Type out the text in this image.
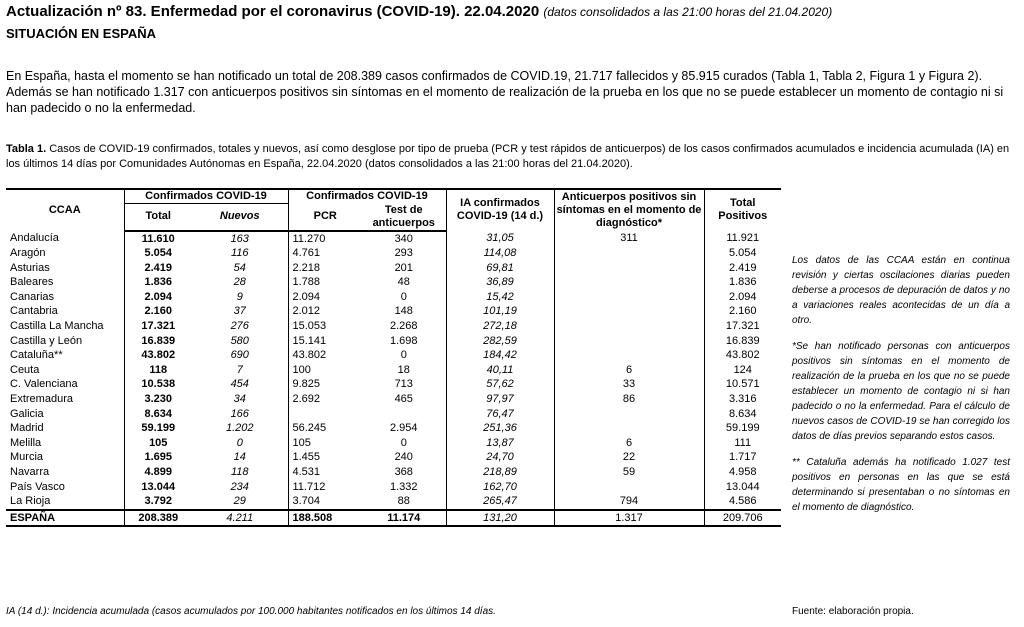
Actualización nº 83. Enfermedad por el coronavirus (COVID-19). 22.04.2020 (datos consolidados a las 21:00 horas del 21.04.2020)
SITUACIÓN EN ESPAÑA
En España, hasta el momento se han notificado un total de 208.389 casos confirmados de COVID.19, 21.717 fallecidos y 85.915 curados (Tabla 1, Tabla 2, Figura 1 y Figura 2). Además se han notificado 1.317 con anticuerpos positivos sin síntomas en el momento de realización de la prueba en los que no se puede establecer un momento de contagio ni si han padecido o no la enfermedad.
Tabla 1. Casos de COVID-19 confirmados, totales y nuevos, así como desglose por tipo de prueba (PCR y test rápidos de anticuerpos) de los casos confirmados acumulados e incidencia acumulada (IA) en los últimos 14 días por Comunidades Autónomas en España, 22.04.2020 (datos consolidados a las 21:00 horas del 21.04.2020).
CCAA	Confirmados COVID-19		Confirmados COVID-19		IA confirmados COVID-19 (14 d.)	Anticuerpos positivos sin síntomas en el momento de diagnóstico*	Total Positivos
	Total	Nuevos	PCR	Test de anticuerpos			
Andalucía	11.610	163	11.270	340	31,05	311	11.921
Aragón	5.054	116	4.761	293	114,08		5.054
Asturias	2.419	54	2.218	201	69,81		2.419
Baleares	1.836	28	1.788	48	36,89		1.836
Canarias	2.094	9	2.094	0	15,42		2.094
Cantabria	2.160	37	2.012	148	101,19		2.160
Castilla La Mancha	17.321	276	15.053	2.268	272,18		17.321
Castilla y León	16.839	580	15.141	1.698	282,59		16.839
Cataluña**	43.802	690	43.802	0	184,42		43.802
Ceuta	118	7	100	18	40,11	6	124
C. Valenciana	10.538	454	9.825	713	57,62	33	10.571
Extremadura	3.230	34	2.692	465	97,97	86	3.316
Galicia	8.634	166			76,47		8.634
Madrid	59.199	1.202	56.245	2.954	251,36		59.199
Melilla	105	0	105	0	13,87	6	111
Murcia	1.695	14	1.455	240	24,70	22	1.717
Navarra	4.899	118	4.531	368	218,89	59	4.958
País Vasco	13.044	234	11.712	1.332	162,70		13.044
La Rioja	3.792	29	3.704	88	265,47	794	4.586
ESPAÑA	208.389	4.211	188.508	11.174	131,20	1.317	209.706

Los datos de las CCAA están en continua revisión y ciertas oscilaciones diarias pueden deberse a procesos de depuración de datos y no a variaciones reales acontecidas de un día a otro.

*Se han notificado personas con anticuerpos positivos sin síntomas en el momento de realización de la prueba en los que no se puede establecer un momento de contagio ni si han padecido o no la enfermedad. Para el cálculo de nuevos casos de COVID-19 se han corregido los datos de días previos separando estos casos.

** Cataluña además ha notificado 1.027 test positivos en personas en las que se está determinando si presentaban o no síntomas en el momento de diagnóstico.

IA (14 d.): Incidencia acumulada (casos acumulados por 100.000 habitantes notificados en los últimos 14 días.	Fuente: elaboración propia.
